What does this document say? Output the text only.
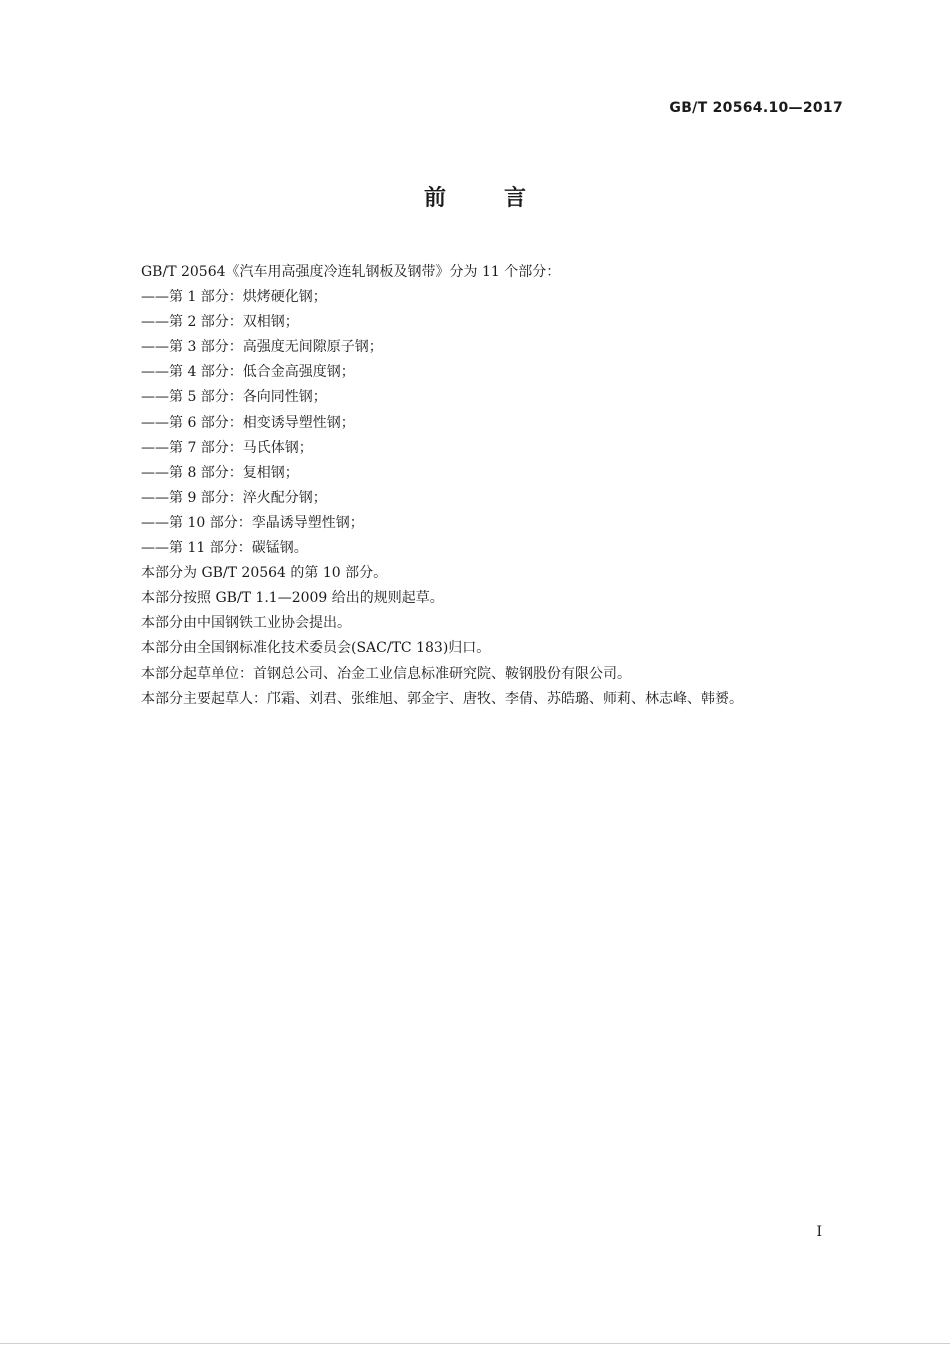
GB/T 20564.10—2017
前	言
GB/T 20564《汽车用高强度冷连轧钢板及钢带》分为 11 个部分：
——第 1 部分：烘烤硬化钢；
——第 2 部分：双相钢；
——第 3 部分：高强度无间隙原子钢；
——第 4 部分：低合金高强度钢；
——第 5 部分：各向同性钢；
——第 6 部分：相变诱导塑性钢；
——第 7 部分：马氏体钢；
——第 8 部分：复相钢；
——第 9 部分：淬火配分钢；
——第 10 部分：孪晶诱导塑性钢；
——第 11 部分：碳锰钢。
本部分为 GB/T 20564 的第 10 部分。
本部分按照 GB/T 1.1—2009 给出的规则起草。
本部分由中国钢铁工业协会提出。
本部分由全国钢标准化技术委员会(SAC/TC 183)归口。
本部分起草单位：首钢总公司、冶金工业信息标准研究院、鞍钢股份有限公司。
本部分主要起草人：邝霜、刘君、张维旭、郭金宇、唐牧、李倩、苏皓璐、师莉、林志峰、韩赟。
I
